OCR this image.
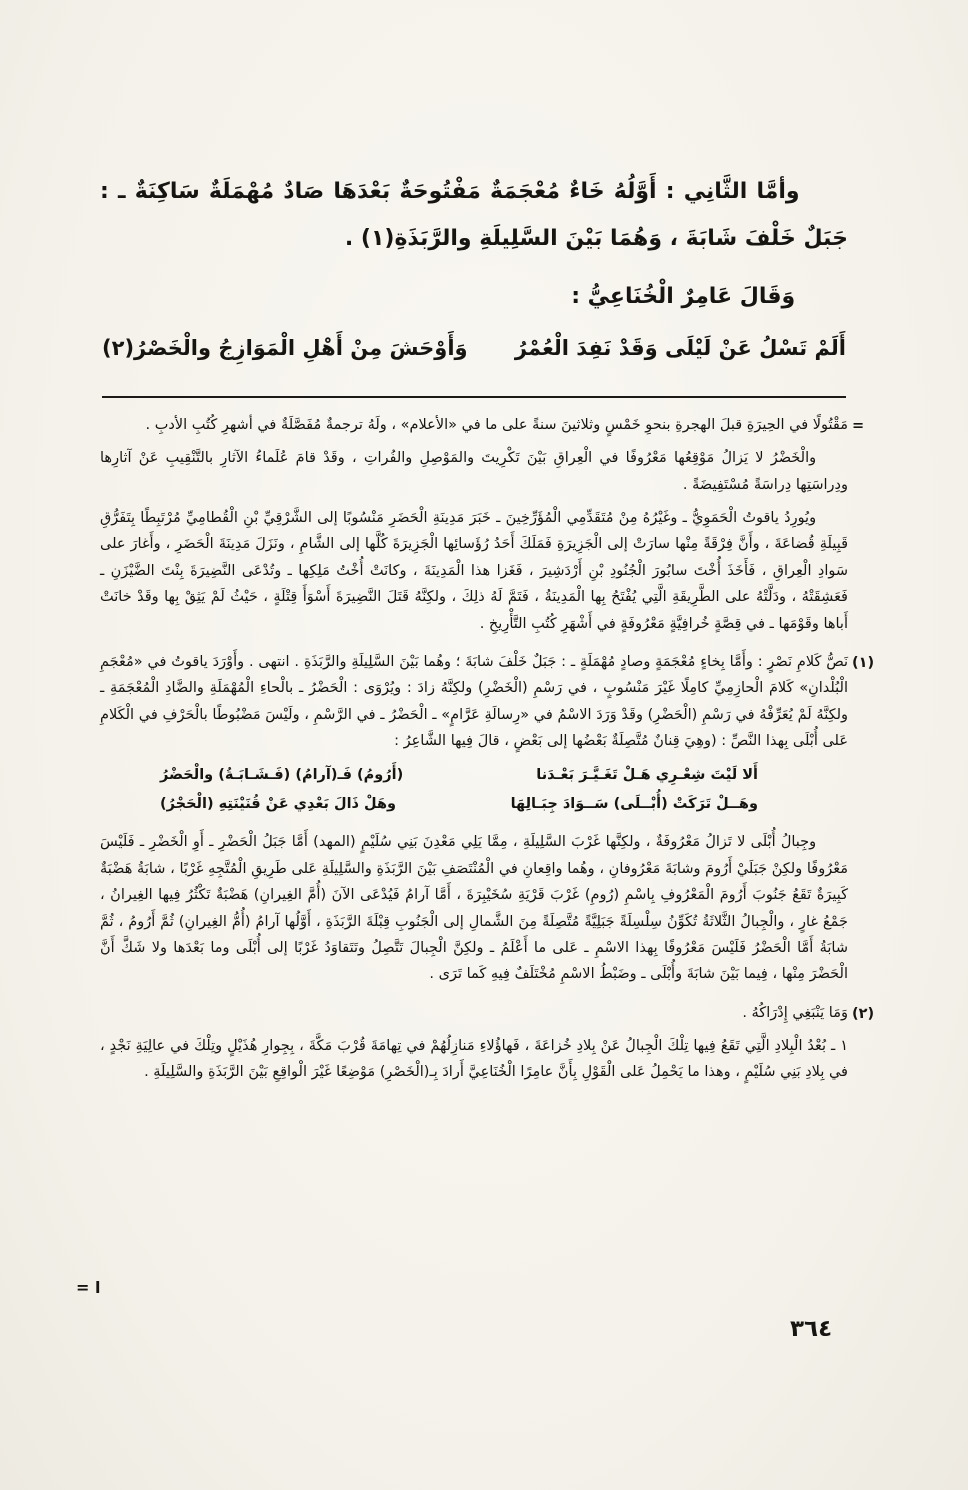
وأمَّا الثَّانِي : أَوَّلُهُ خَاءٌ مُعْجَمَةٌ مَفْتُوحَةٌ بَعْدَهَا صَادٌ مُهْمَلَةٌ سَاكِنَةٌ ـ : جَبَلٌ خَلْفَ شَابَةَ ، وَهُمَا بَيْنَ السَّلِيلَةِ والرَّبَذَةِ(١) .

وَقَالَ عَامِرٌ الْخُنَاعِيُّ :

أَلَمْ تَسْلُ عَنْ لَيْلَى وَقَدْ نَفِدَ الْعُمْرُ
وَأَوْحَشَ مِنْ أَهْلِ الْمَوَازِجُ والْخَصْرُ(٢)
=

مَقْتُولًا في الحِيرَةِ قبلَ الهجرةِ بنحوِ خَمْسٍ وثلاثينَ سنةً على ما في «الأعلام» ، ولَهُ ترجمةٌ مُفَصَّلَةٌ في أشهرِ كُتُبِ الأدبِ .

والْخَضْرُ لا يَزالُ مَوْقِعُها مَعْرُوفًا في الْعِراقِ بَيْنَ تَكْرِيتَ والمَوْصِلِ والفُراتِ ، وقَدْ قامَ عُلَماءُ الآثارِ بالتَّنْقِيبِ عَنْ آثارِها ودِراسَتِها دِراسَةً مُسْتَفِيضَةً .

ويُورِدُ ياقوتُ الْحَمَوِيُّ ـ وغَيْرُهُ مِنْ مُتَقَدِّمِي الْمُؤَرِّخِينَ ـ خَبَرَ مَدِينَةِ الْحَضَرِ مَنْسُوبًا إلى الشَّرْقِيِّ بْنِ الْقُطامِيِّ مُرْتَبِطًا بِتَفَرُّقِ قَبِيلَةِ قُضاعَةَ ، وأَنَّ فِرْقَةً مِنْها سارَتْ إلى الْجَزِيرَةِ فَمَلَكَ أَحَدُ رُؤَسائِها الْجَزِيرَةَ كُلَّها إلى الشَّامِ ، ونَزَلَ مَدِينَةَ الْحَضَرِ ، وأَغارَ على سَوادِ الْعِراقِ ، فَأَخَذَ أُخْتَ سابُورَ الْجُنُودِ بْنِ أَرْدَشِيرَ ، فَغَزا هذا الْمَدِينَةَ ، وكانَتْ أُخْتُ مَلِكِها ـ وتُدْعَى النَّضِيرَةَ بِنْتَ الضَّيْزَنِ ـ فَعَشِقَتْهُ ، ودَلَّتْهُ على الطَّرِيقَةِ الَّتِي يُفْتَحُ بِها الْمَدِينَةُ ، فَتَمَّ لَهُ ذلِكَ ، ولكِنَّهُ قَتَلَ النَّضِيرَةَ أَسْوَأَ قِتْلَةٍ ، حَيْثُ لَمْ يَثِقْ بِها وقَدْ خانَتْ أَباها وقَوْمَها ـ في قِصَّةٍ خُرافِيَّةٍ مَعْرُوفَةٍ في أَشْهَرِ كُتُبِ التَّأْرِيخِ .

(١)

نَصُّ كَلامِ نَصْرٍ : وأَمَّا بِخاءٍ مُعْجَمَةٍ وصادٍ مُهْمَلَةٍ ـ : جَبَلٌ خَلْفَ شابَةَ ؛ وهُما بَيْنَ السَّلِيلَةِ والرَّبَذَةِ . انتهى . وأَوْرَدَ ياقوتُ في «مُعْجَمِ الْبُلْدانِ» كَلامَ الْحازِمِيِّ كامِلًا غَيْرَ مَنْسُوبٍ ، في رَسْمِ (الْخَضْرِ) ولكِنَّهُ زادَ : ويُرْوَى : الْحَضْرُ ـ بالْحاءِ الْمُهْمَلَةِ والضَّادِ الْمُعْجَمَةِ ـ ولكِنَّهُ لَمْ يُعَرِّفْهُ في رَسْمِ (الْحَضْرِ) وقَدْ وَرَدَ الاسْمُ في «رِسالَةِ عَرَّامٍ» ـ الْحَضْرُ ـ في الرَّسْمِ ، ولَيْسَ مَضْبُوطًا بالْحَرْفِ في الْكَلامِ عَلى أُبْلَى بِهذا النَّصِّ : (وهِيَ قِنانٌ مُتَّصِلَةٌ بَعْضُها إلى بَعْضٍ ، قالَ فِيها الشَّاعِرُ :

أَلا لَيْتَ شِعْـرِي هَـلْ تَغَـيَّـرَ بَعْـدَنا
(أَرُومُ) فَـ(آرامُ) (فَـشَـابَـةُ) والْحَضْرُ
وهَــلْ تَرَكَتْ (أُبْــلَى) سَــوَادَ جِبَـالِهَا
وهَلْ ذَالَ بَعْدِي عَنْ قُنَيْنَتِهِ (الْحَجْرُ)

وجِبالُ أُبْلَى لا تَزالُ مَعْرُوفَةٌ ، ولكِنَّها غَرْبَ السَّلِيلَةِ ، مِمَّا يَلِي مَعْدِنَ بَنِي سُلَيْمٍ (المهد) أَمَّا جَبَلُ الْحَضْرِ ـ أَوِ الْخَضْرِ ـ فَلَيْسَ مَعْرُوفًا ولكِنْ جَبَلَيْ أَرُومَ وشابَةَ مَعْرُوفانِ ، وهُما واقِعانِ في الْمُنْتَصَفِ بَيْنَ الرَّبَذَةِ والسَّلِيلَةِ عَلى طَرِيقِ الْمُتَّجِهِ غَرْبًا ، شابَةُ هَضْبَةٌ كَبِيرَةٌ تَقَعُ جَنُوبَ أَرُومَ الْمَعْرُوفِ بِاسْمِ (رُومِ) غَرْبَ قَرْيَةِ سُخَيْبِرَةَ ، أَمَّا آرامُ فَيُدْعَى الآنَ (أُمَّ الغِيرانِ) هَضْبَةٌ تَكْثُرُ فِيها الغِيرانُ ، جَمْعُ غارٍ ، والْجِبالُ الثَّلاثَةُ تُكَوِّنُ سِلْسِلَةً جَبَلِيَّةً مُتَّصِلَةً مِنَ الشَّمالِ إلى الْجَنُوبِ قِبْلَةَ الرَّبَذَةِ ، أَوَّلُها آرامُ (أُمُّ الغِيرانِ) ثُمَّ أَرُومُ ، ثُمَّ شابَةُ أَمَّا الْحَضْرُ فَلَيْسَ مَعْرُوفًا بِهذا الاسْمِ ـ عَلى ما أَعْلَمُ ـ ولكِنَّ الْجِبالَ تَتَّصِلُ وتَتَقاوَدُ غَرْبًا إلى أُبْلَى وما بَعْدَها ولا شَكَّ أَنَّ الْحَضْرَ مِنْها ، فِيما بَيْنَ شابَةَ وأُبْلَى ـ وضَبْطُ الاسْمِ مُخْتَلَفٌ فِيهِ كَما تَرَى .

(٢)

وَمَا يَنْبَغِي إِدْرَاكُهُ .

١ ـ بُعْدُ الْبِلادِ الَّتِي تَقَعُ فِيها تِلْكَ الْجِبالُ عَنْ بِلادِ خُزاعَةَ ، فَهاؤُلاءِ مَنازِلُهُمْ في تِهامَةَ قُرْبَ مَكَّةَ ، بِجِوارِ هُذَيْلٍ وتِلْكَ في عالِيَةِ نَجْدٍ ، في بِلادِ بَنِي سُلَيْمٍ ، وهذا ما يَحْمِلُ عَلى الْقَوْلِ بِأَنَّ عامِرًا الْخُنَاعِيَّ أَرادَ بِـ(الْخَصْرِ) مَوْضِعًا غَيْرَ الْواقِعِ بَيْنَ الرَّبَذَةِ والسَّلِيلَةِ .

ا =
٣٦٤
